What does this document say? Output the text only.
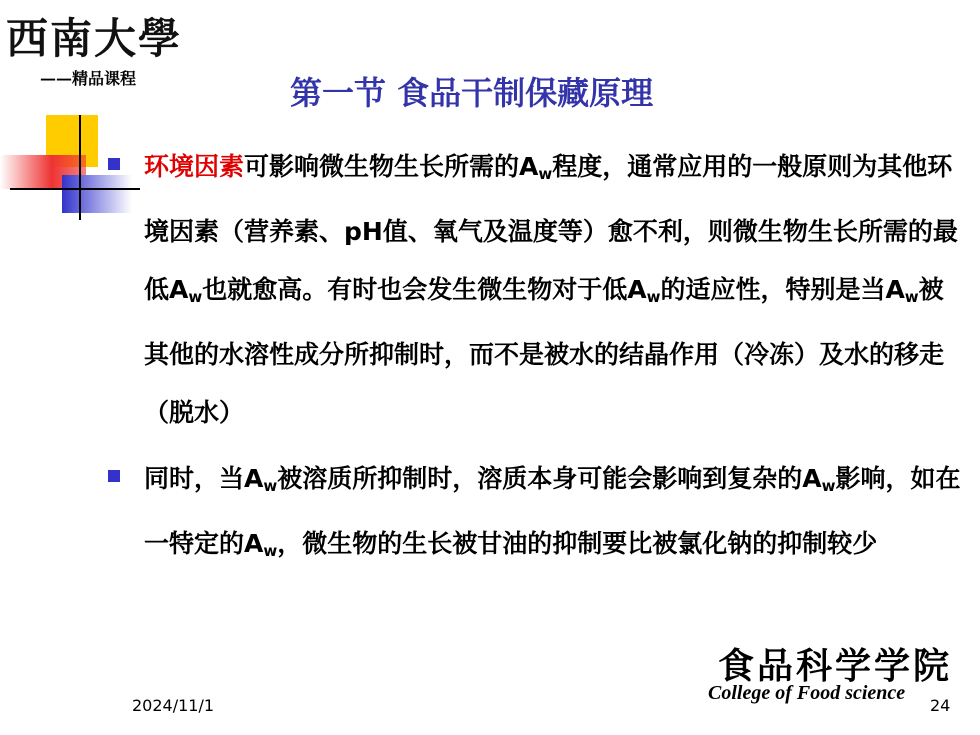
西南大學
——精品课程	第一节 食品干制保藏原理
环境因素可影响微生物生长所需的$A_w$程度，通常应用的一般原则为其他环境因素（营养素、pH值、氧气及温度等）愈不利，则微生物生长所需的最低$A_w$也就愈高。有时也会发生微生物对于低$A_w$的适应性，特别是当$A_w$被其他的水溶性成分所抑制时，而不是被水的结晶作用（冷冻）及水的移走（脱水）
同时，当$A_w$被溶质所抑制时，溶质本身可能会影响到复杂的$A_w$影响，如在一特定的$A_w$，微生物的生长被甘油的抑制要比被氯化钠的抑制较少
2024/11/1
食品科学学院
College of Food science
24
